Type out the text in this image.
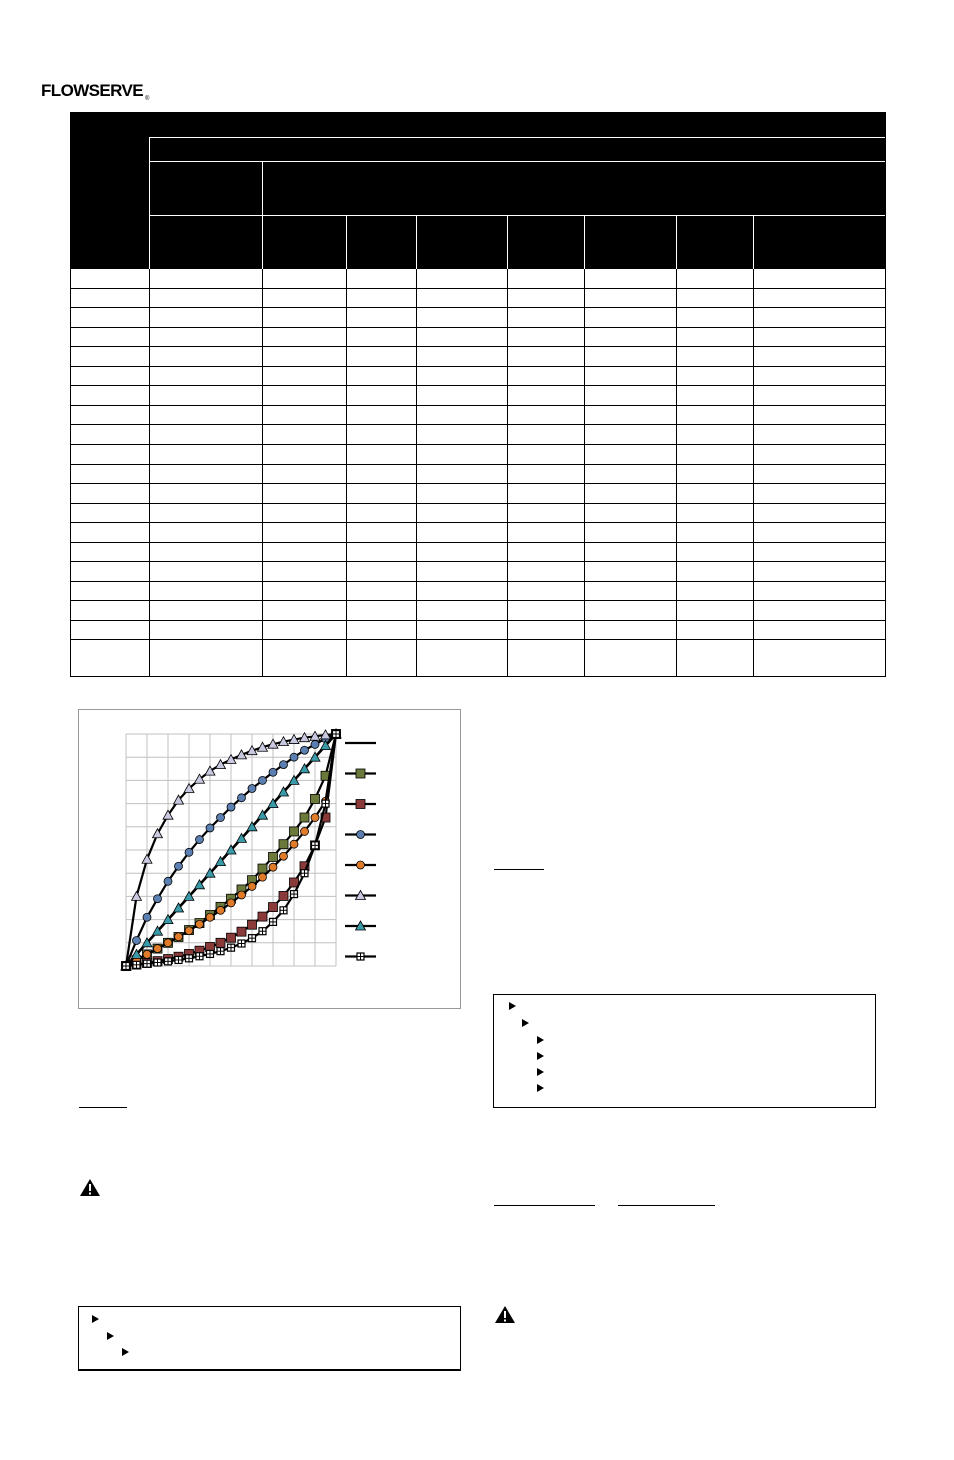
FLOWSERVE ®
